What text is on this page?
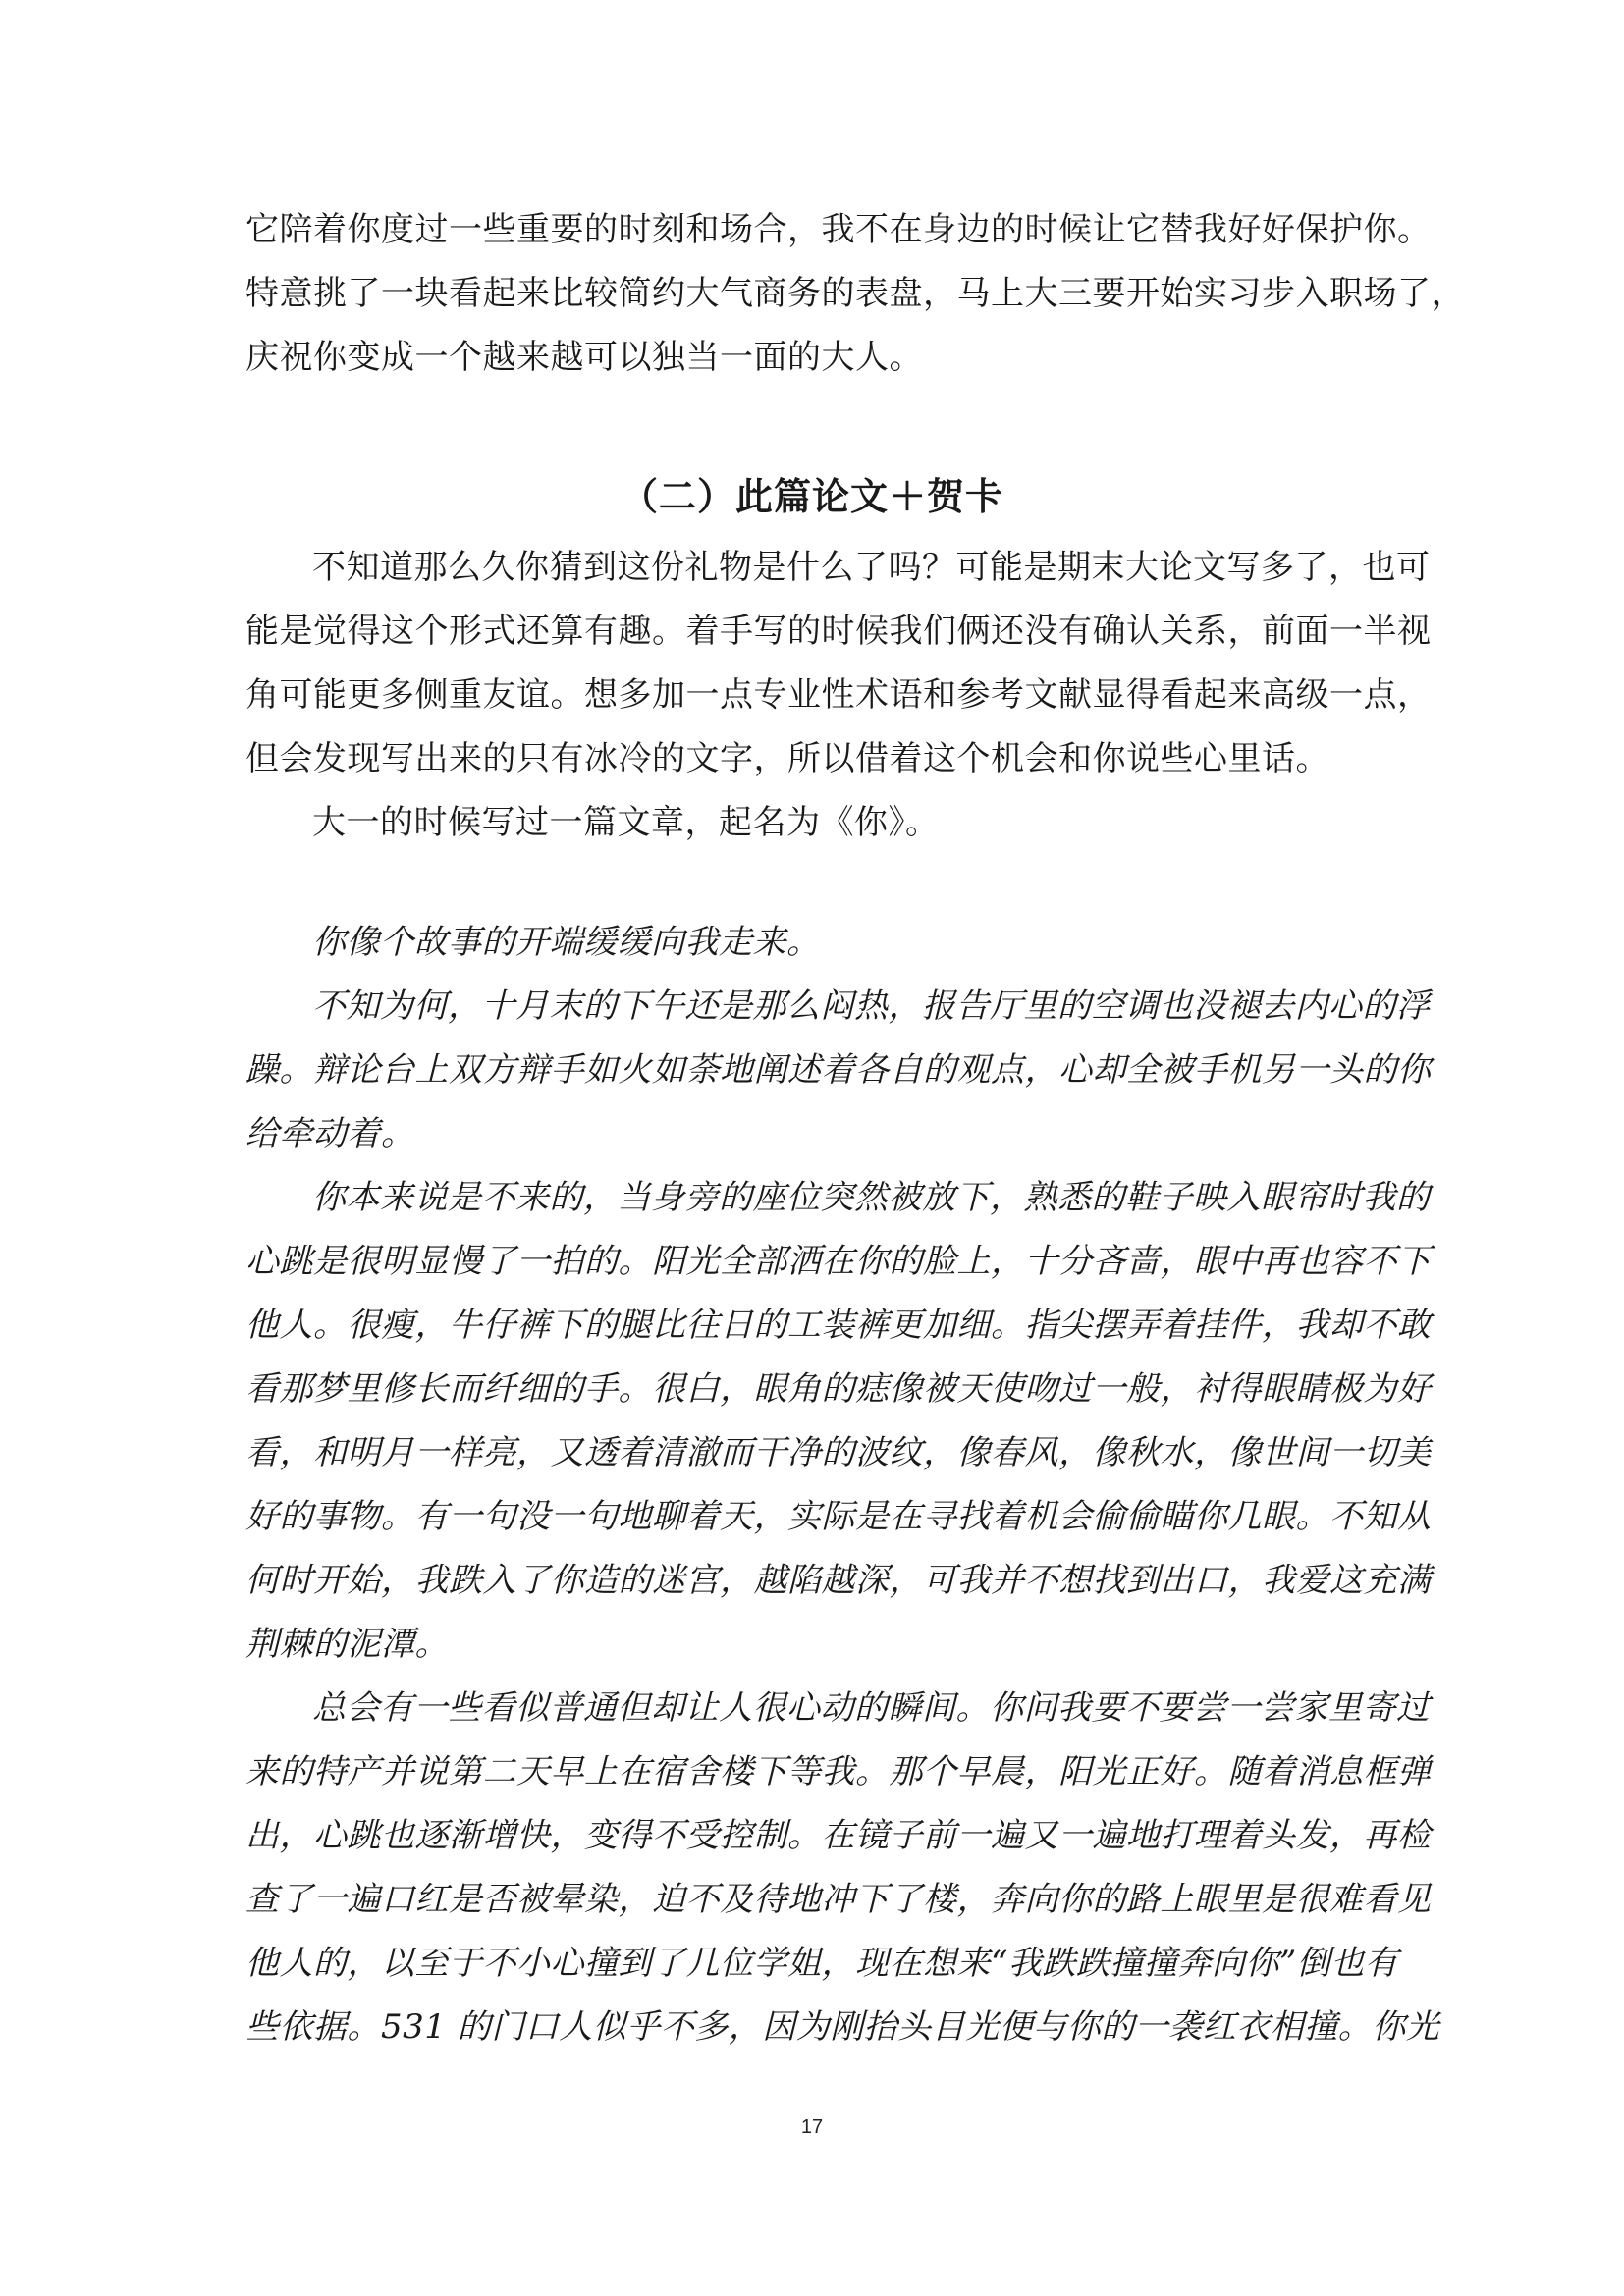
它陪着你度过一些重要的时刻和场合，我不在身边的时候让它替我好好保护你。

特意挑了一块看起来比较简约大气商务的表盘，马上大三要开始实习步入职场了，

庆祝你变成一个越来越可以独当一面的大人。

（二）此篇论文＋贺卡

不知道那么久你猜到这份礼物是什么了吗？可能是期末大论文写多了，也可

能是觉得这个形式还算有趣。着手写的时候我们俩还没有确认关系，前面一半视

角可能更多侧重友谊。想多加一点专业性术语和参考文献显得看起来高级一点，

但会发现写出来的只有冰冷的文字，所以借着这个机会和你说些心里话。

大一的时候写过一篇文章，起名为《你》。

你像个故事的开端缓缓向我走来。

不知为何，十月末的下午还是那么闷热，报告厅里的空调也没褪去内心的浮

躁。辩论台上双方辩手如火如荼地阐述着各自的观点，心却全被手机另一头的你

给牵动着。

你本来说是不来的，当身旁的座位突然被放下，熟悉的鞋子映入眼帘时我的

心跳是很明显慢了一拍的。阳光全部洒在你的脸上，十分吝啬，眼中再也容不下

他人。很瘦，牛仔裤下的腿比往日的工装裤更加细。指尖摆弄着挂件，我却不敢

看那梦里修长而纤细的手。很白，眼角的痣像被天使吻过一般，衬得眼睛极为好

看，和明月一样亮，又透着清澈而干净的波纹，像春风，像秋水，像世间一切美

好的事物。有一句没一句地聊着天，实际是在寻找着机会偷偷瞄你几眼。不知从

何时开始，我跌入了你造的迷宫，越陷越深，可我并不想找到出口，我爱这充满

荆棘的泥潭。

总会有一些看似普通但却让人很心动的瞬间。你问我要不要尝一尝家里寄过

来的特产并说第二天早上在宿舍楼下等我。那个早晨，阳光正好。随着消息框弹

出，心跳也逐渐增快，变得不受控制。在镜子前一遍又一遍地打理着头发，再检

查了一遍口红是否被晕染，迫不及待地冲下了楼，奔向你的路上眼里是很难看见

他人的，以至于不小心撞到了几位学姐，现在想来“我跌跌撞撞奔向你”倒也有

些依据。531 的门口人似乎不多，因为刚抬头目光便与你的一袭红衣相撞。你光

17
